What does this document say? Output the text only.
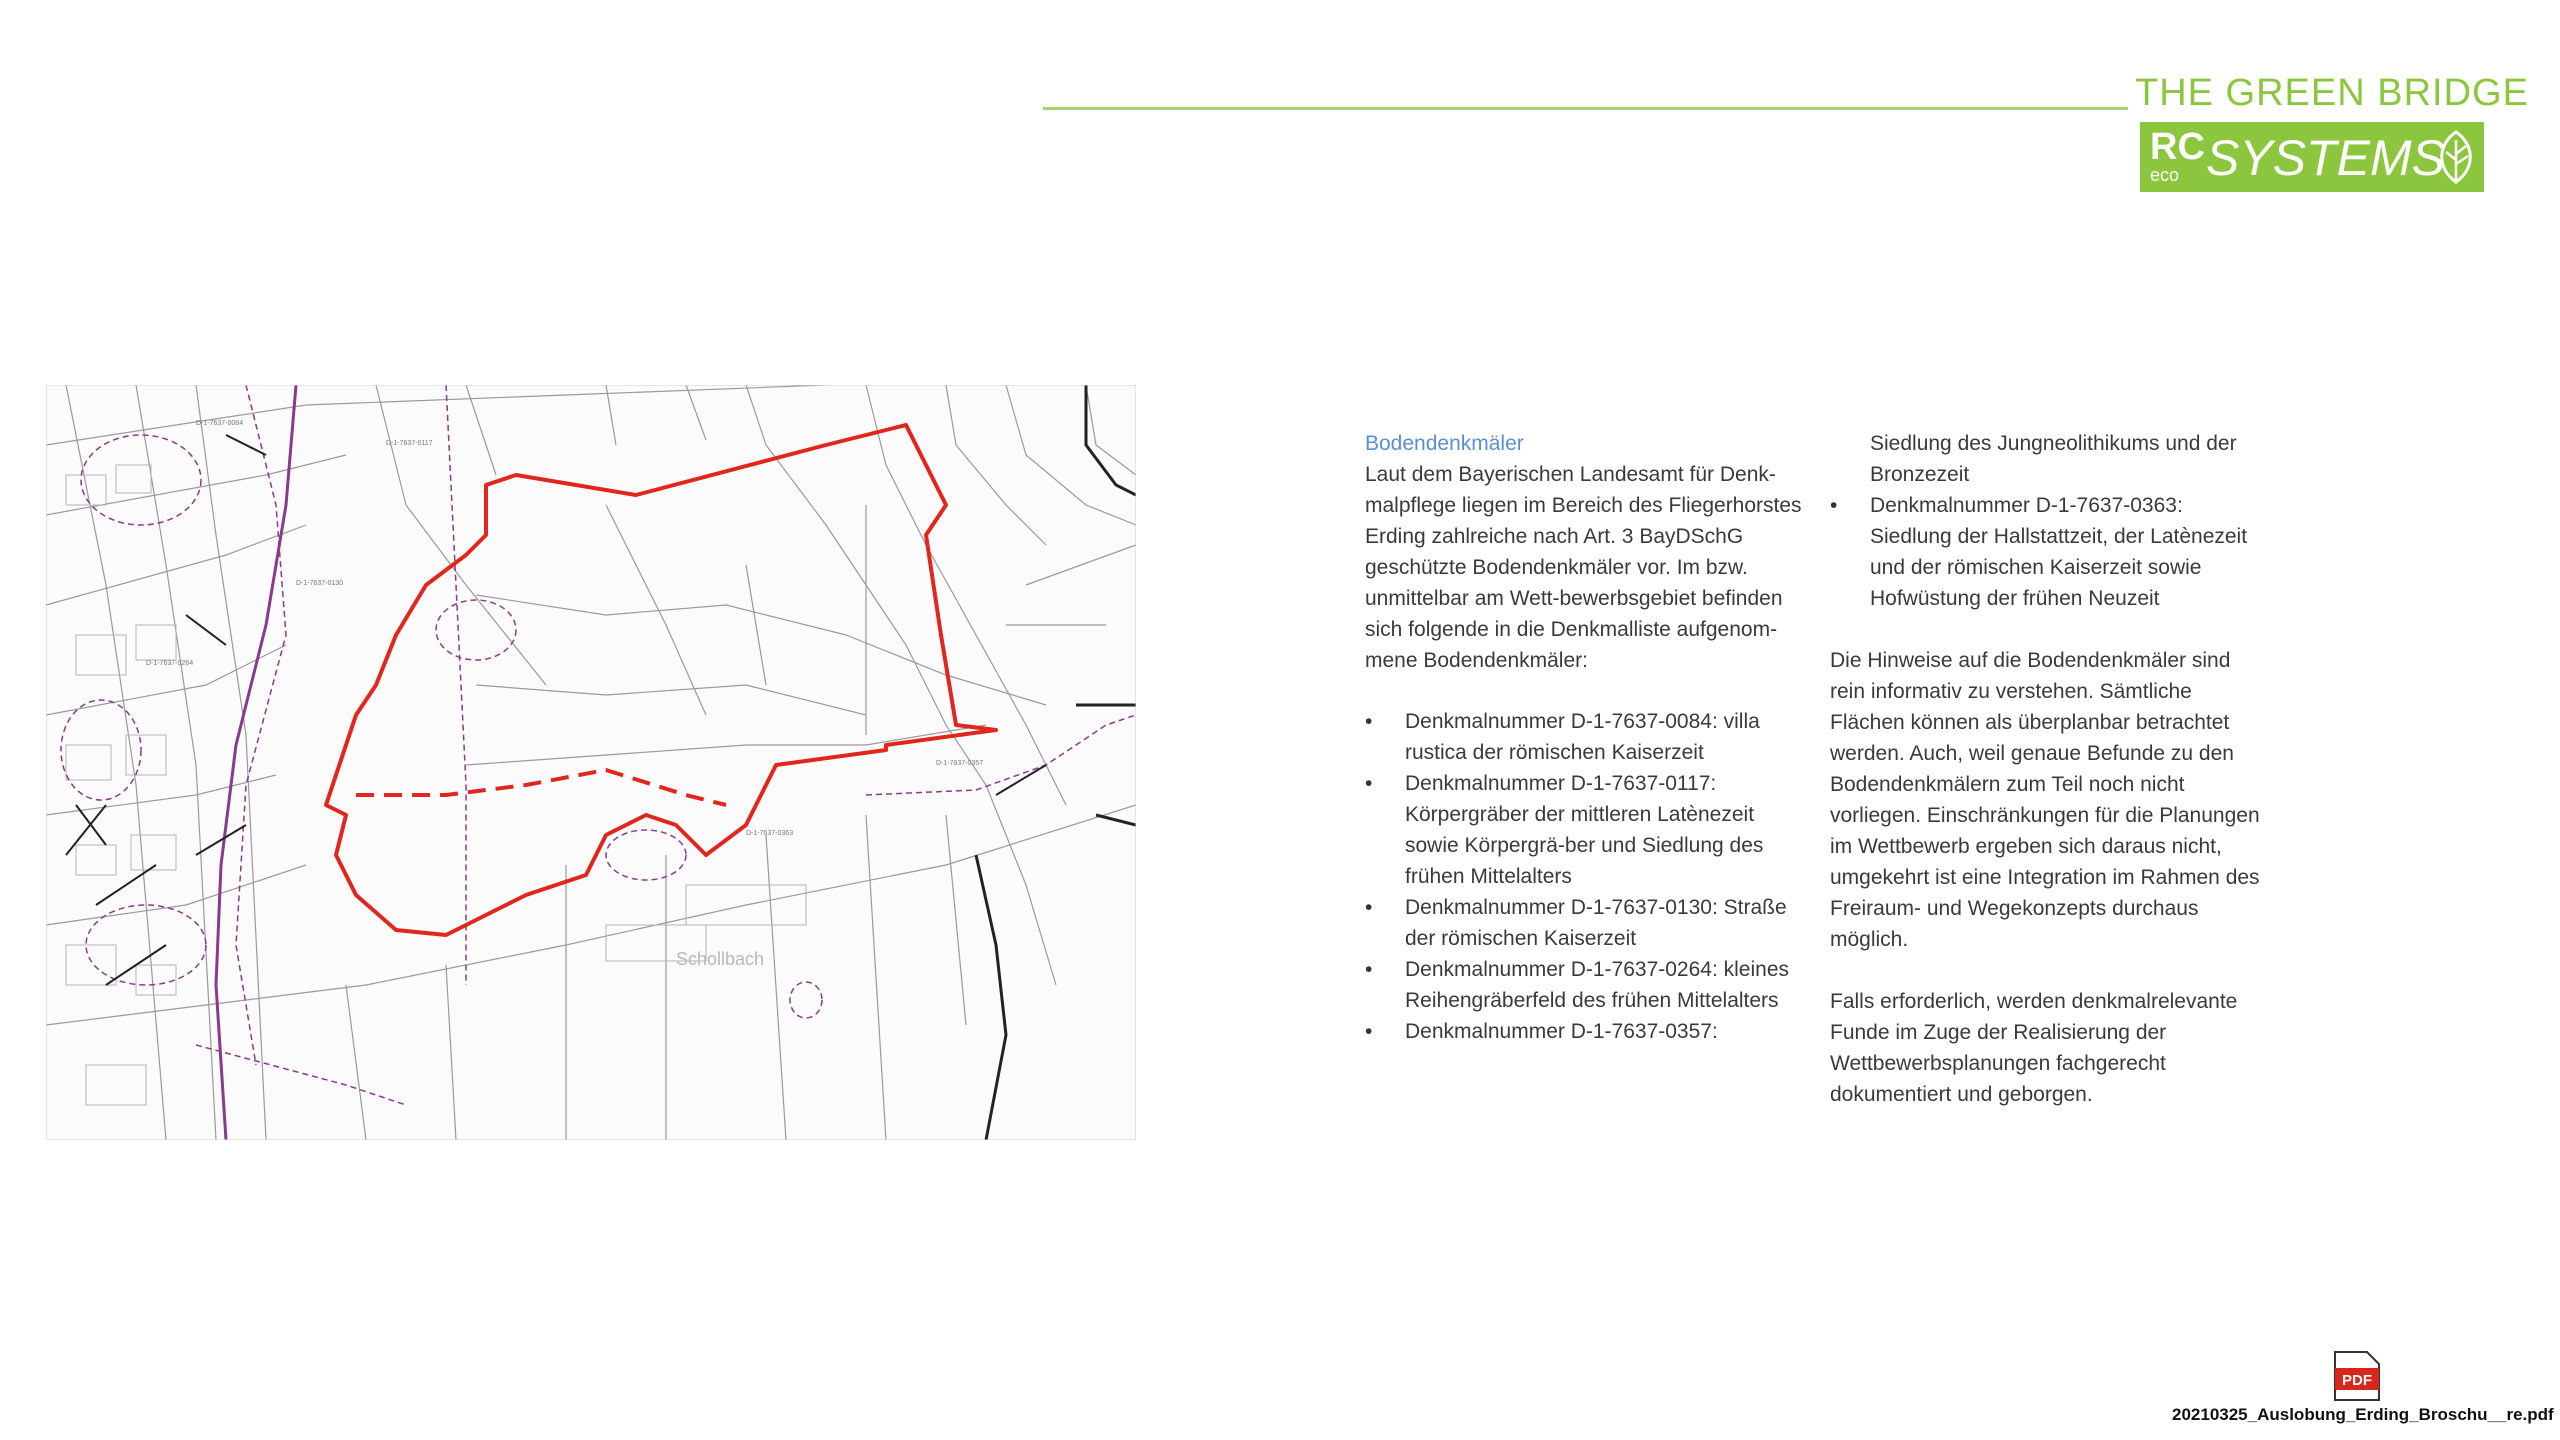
THE GREEN BRIDGE
RC
eco SYSTEMS
D-1-7637-0084
D-1-7637-0117
D-1-7637-0130
D-1-7637-0264
D-1-7637-0357
D-1-7637-0363
Schollbach
Bodendenkmäler

Laut dem Bayerischen Landesamt für Denk-malpflege liegen im Bereich des Fliegerhorstes Erding zahlreiche nach Art. 3 BayDSchG geschützte Bodendenkmäler vor. Im bzw. unmittelbar am Wett-bewerbsgebiet befinden sich folgende in die Denkmalliste aufgenom-mene Bodendenkmäler:

• Denkmalnummer D-1-7637-0084: villa rustica der römischen Kaiserzeit
• Denkmalnummer D-1-7637-0117: Körpergräber der mittleren Latènezeit sowie Körpergrä-ber und Siedlung des frühen Mittelalters
• Denkmalnummer D-1-7637-0130: Straße der römischen Kaiserzeit
• Denkmalnummer D-1-7637-0264: kleines Reihengräberfeld des frühen Mittelalters
• Denkmalnummer D-1-7637-0357:
Siedlung des Jungneolithikums und der Bronzezeit
• Denkmalnummer D-1-7637-0363: Siedlung der Hallstattzeit, der Latènezeit und der römischen Kaiserzeit sowie Hofwüstung der frühen Neuzeit

Die Hinweise auf die Bodendenkmäler sind rein informativ zu verstehen. Sämtliche Flächen können als überplanbar betrachtet werden. Auch, weil genaue Befunde zu den Bodendenkmälern zum Teil noch nicht vorliegen. Einschränkungen für die Planungen im Wettbewerb ergeben sich daraus nicht, umgekehrt ist eine Integration im Rahmen des Freiraum- und Wegekonzepts durchaus möglich.

Falls erforderlich, werden denkmalrelevante Funde im Zuge der Realisierung der Wettbewerbsplanungen fachgerecht dokumentiert und geborgen.

PDF
20210325_Auslobung_Erding_Broschu__re.pdf
